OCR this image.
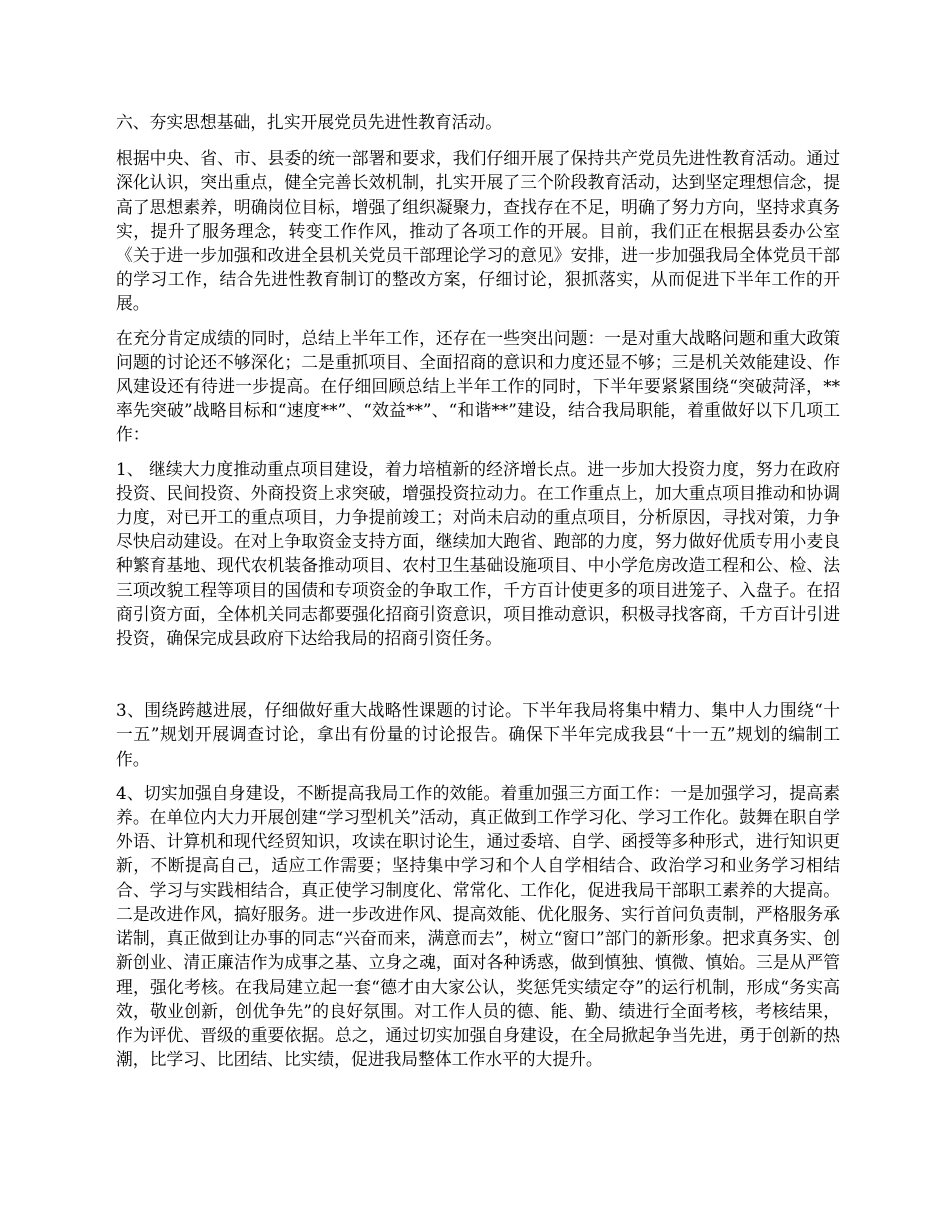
六、夯实思想基础，扎实开展党员先进性教育活动。

根据中央、省、市、县委的统一部署和要求，我们仔细开展了保持共产党员先进性教育活动。通过深化认识，突出重点，健全完善长效机制，扎实开展了三个阶段教育活动，达到坚定理想信念，提高了思想素养，明确岗位目标，增强了组织凝聚力，查找存在不足，明确了努力方向，坚持求真务实，提升了服务理念，转变工作作风，推动了各项工作的开展。目前，我们正在根据县委办公室《关于进一步加强和改进全县机关党员干部理论学习的意见》安排，进一步加强我局全体党员干部的学习工作，结合先进性教育制订的整改方案，仔细讨论，狠抓落实，从而促进下半年工作的开展。

在充分肯定成绩的同时，总结上半年工作，还存在一些突出问题：一是对重大战略问题和重大政策问题的讨论还不够深化；二是重抓项目、全面招商的意识和力度还显不够；三是机关效能建设、作风建设还有待进一步提高。在仔细回顾总结上半年工作的同时，下半年要紧紧围绕“突破菏泽，**率先突破”战略目标和“速度**”、“效益**”、“和谐**”建设，结合我局职能，着重做好以下几项工作：

1、 继续大力度推动重点项目建设，着力培植新的经济增长点。进一步加大投资力度，努力在政府投资、民间投资、外商投资上求突破，增强投资拉动力。在工作重点上，加大重点项目推动和协调力度，对已开工的重点项目，力争提前竣工；对尚未启动的重点项目，分析原因，寻找对策，力争尽快启动建设。在对上争取资金支持方面，继续加大跑省、跑部的力度，努力做好优质专用小麦良种繁育基地、现代农机装备推动项目、农村卫生基础设施项目、中小学危房改造工程和公、检、法三项改貌工程等项目的国债和专项资金的争取工作，千方百计使更多的项目进笼子、入盘子。在招商引资方面，全体机关同志都要强化招商引资意识，项目推动意识，积极寻找客商，千方百计引进投资，确保完成县政府下达给我局的招商引资任务。

3、围绕跨越进展，仔细做好重大战略性课题的讨论。下半年我局将集中精力、集中人力围绕“十一五”规划开展调查讨论，拿出有份量的讨论报告。确保下半年完成我县“十一五”规划的编制工作。

4、切实加强自身建设，不断提高我局工作的效能。着重加强三方面工作：一是加强学习，提高素养。在单位内大力开展创建“学习型机关”活动，真正做到工作学习化、学习工作化。鼓舞在职自学外语、计算机和现代经贸知识，攻读在职讨论生，通过委培、自学、函授等多种形式，进行知识更新，不断提高自己，适应工作需要；坚持集中学习和个人自学相结合、政治学习和业务学习相结合、学习与实践相结合，真正使学习制度化、常常化、工作化，促进我局干部职工素养的大提高。二是改进作风，搞好服务。进一步改进作风、提高效能、优化服务、实行首问负责制，严格服务承诺制，真正做到让办事的同志“兴奋而来，满意而去”，树立“窗口”部门的新形象。把求真务实、创新创业、清正廉洁作为成事之基、立身之魂，面对各种诱惑，做到慎独、慎微、慎始。三是从严管理，强化考核。在我局建立起一套“德才由大家公认，奖惩凭实绩定夺”的运行机制，形成“务实高效，敬业创新，创优争先”的良好氛围。对工作人员的德、能、勤、绩进行全面考核，考核结果，作为评优、晋级的重要依据。总之，通过切实加强自身建设，在全局掀起争当先进，勇于创新的热潮，比学习、比团结、比实绩，促进我局整体工作水平的大提升。
